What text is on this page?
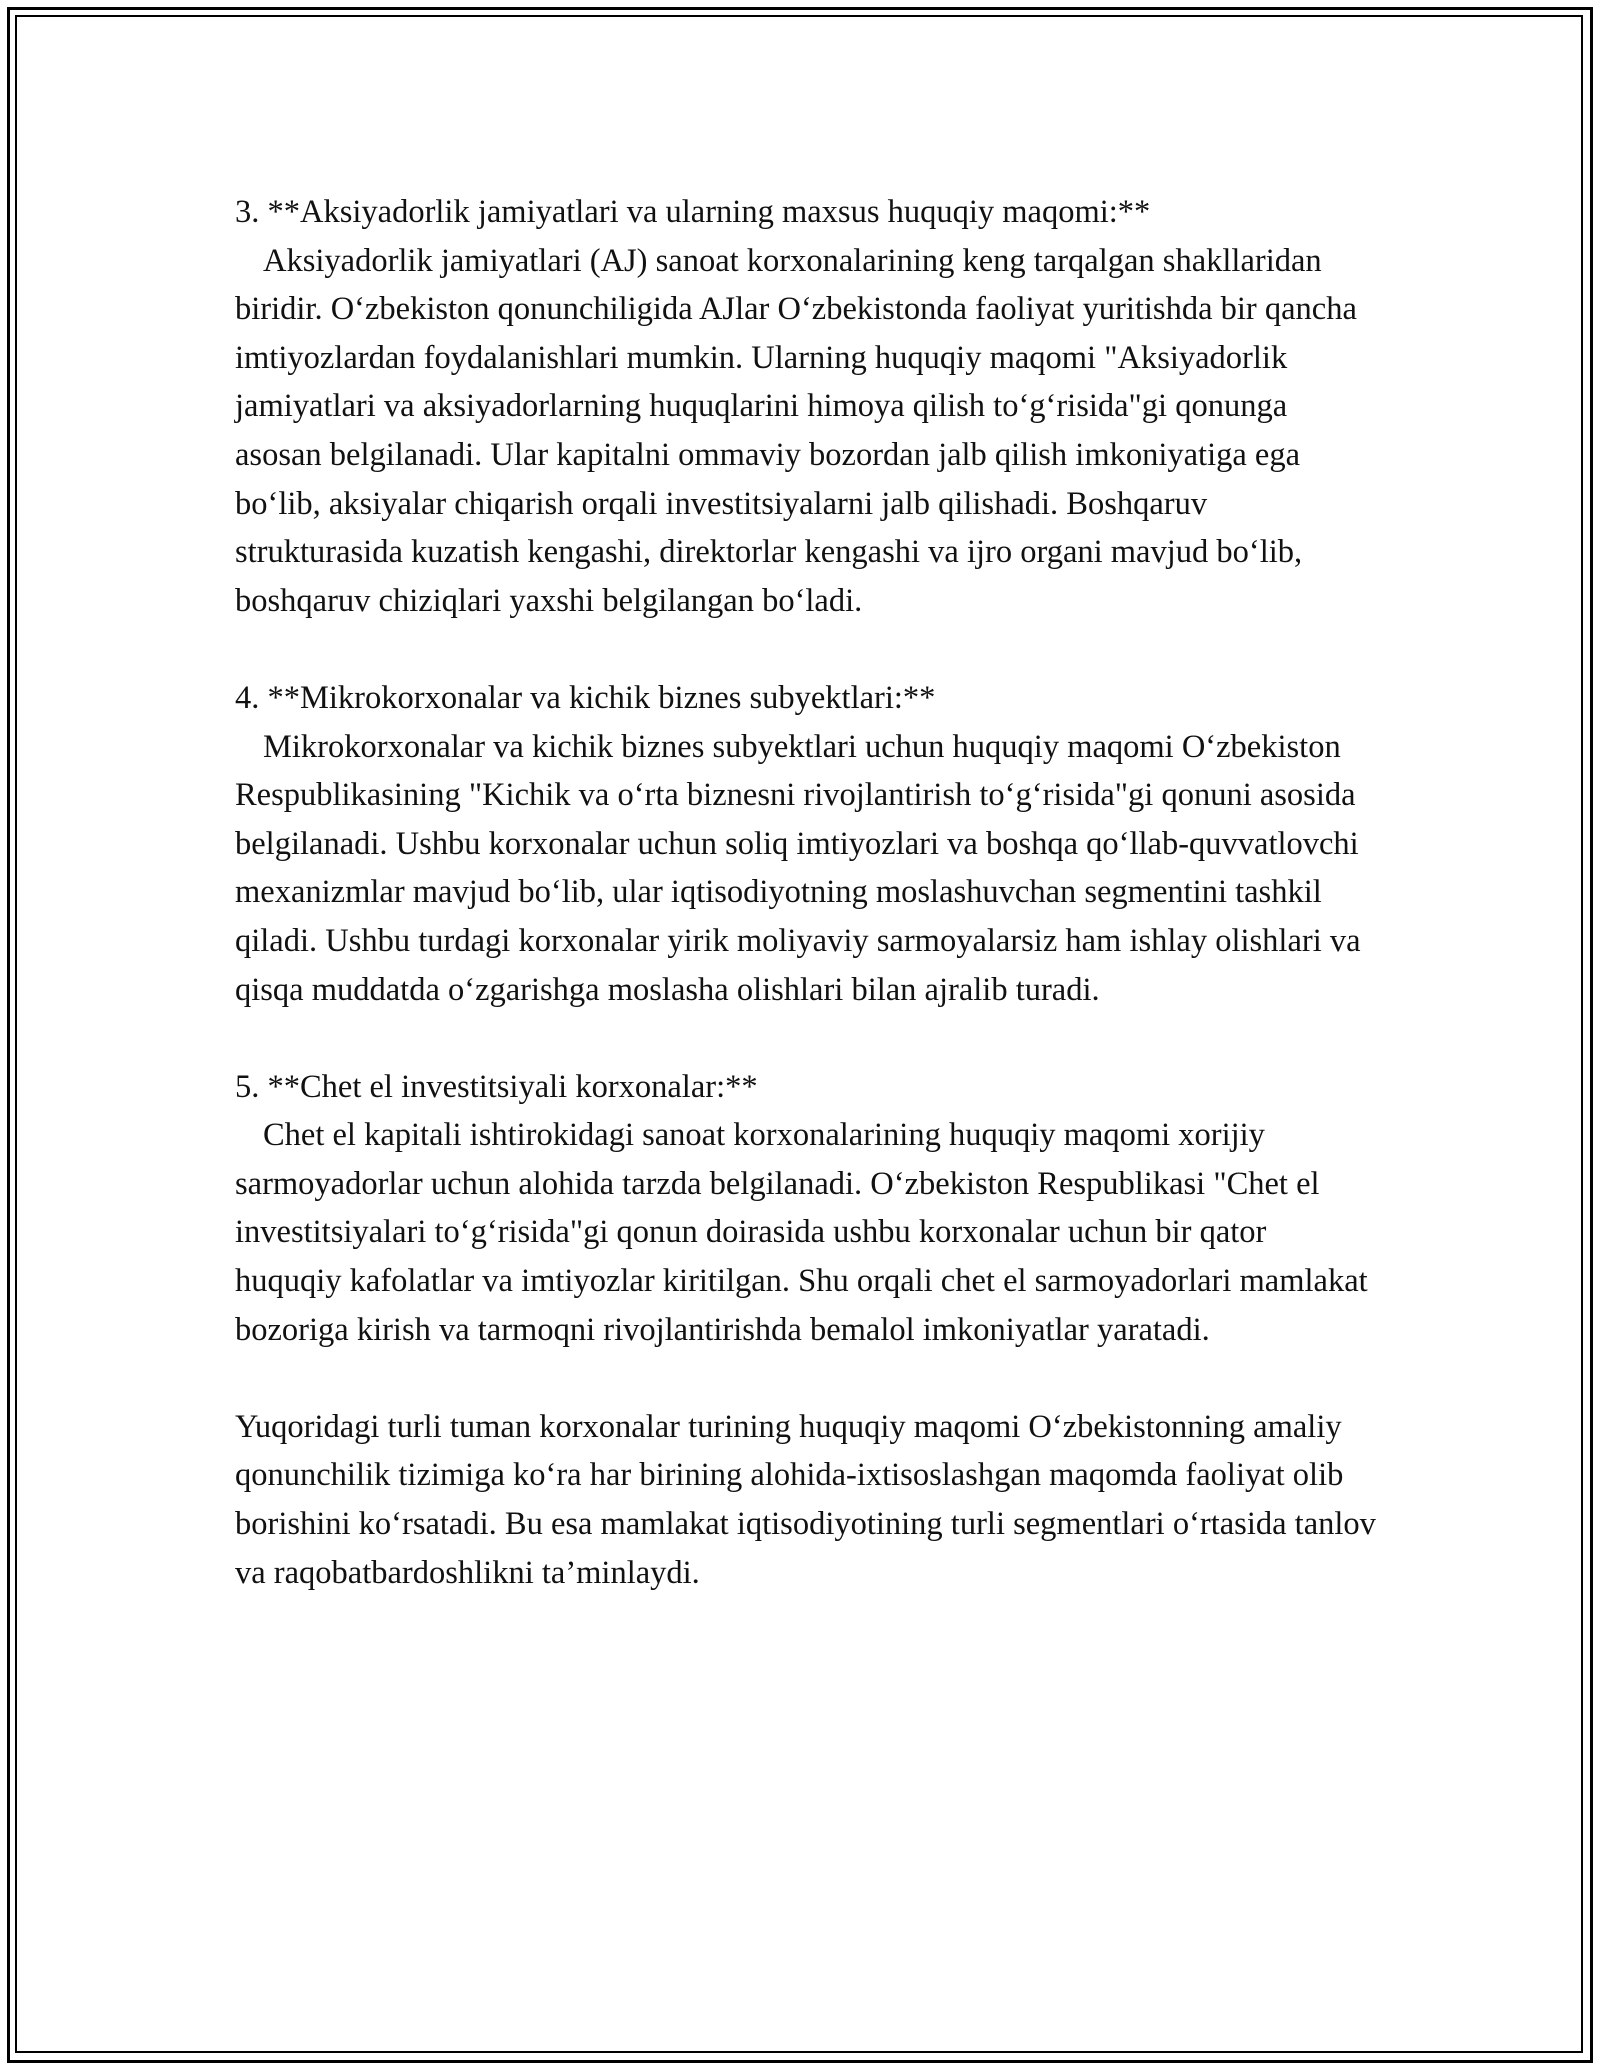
3. **Aksiyadorlik jamiyatlari va ularning maxsus huquqiy maqomi:**

Aksiyadorlik jamiyatlari (AJ) sanoat korxonalarining keng tarqalgan shakllaridan biridir. O‘zbekiston qonunchiligida AJlar O‘zbekistonda faoliyat yuritishda bir qancha imtiyozlardan foydalanishlari mumkin. Ularning huquqiy maqomi "Aksiyadorlik jamiyatlari va aksiyadorlarning huquqlarini himoya qilish to‘g‘risida"gi qonunga asosan belgilanadi. Ular kapitalni ommaviy bozordan jalb qilish imkoniyatiga ega bo‘lib, aksiyalar chiqarish orqali investitsiyalarni jalb qilishadi. Boshqaruv strukturasida kuzatish kengashi, direktorlar kengashi va ijro organi mavjud bo‘lib, boshqaruv chiziqlari yaxshi belgilangan bo‘ladi.

4. **Mikrokorxonalar va kichik biznes subyektlari:**

Mikrokorxonalar va kichik biznes subyektlari uchun huquqiy maqomi O‘zbekiston Respublikasining "Kichik va o‘rta biznesni rivojlantirish to‘g‘risida"gi qonuni asosida belgilanadi. Ushbu korxonalar uchun soliq imtiyozlari va boshqa qo‘llab-quvvatlovchi mexanizmlar mavjud bo‘lib, ular iqtisodiyotning moslashuvchan segmentini tashkil qiladi. Ushbu turdagi korxonalar yirik moliyaviy sarmoyalarsiz ham ishlay olishlari va qisqa muddatda o‘zgarishga moslasha olishlari bilan ajralib turadi.

5. **Chet el investitsiyali korxonalar:**

Chet el kapitali ishtirokidagi sanoat korxonalarining huquqiy maqomi xorijiy sarmoyadorlar uchun alohida tarzda belgilanadi. O‘zbekiston Respublikasi "Chet el investitsiyalari to‘g‘risida"gi qonun doirasida ushbu korxonalar uchun bir qator huquqiy kafolatlar va imtiyozlar kiritilgan. Shu orqali chet el sarmoyadorlari mamlakat bozoriga kirish va tarmoqni rivojlantirishda bemalol imkoniyatlar yaratadi.

Yuqoridagi turli tuman korxonalar turining huquqiy maqomi O‘zbekistonning amaliy qonunchilik tizimiga ko‘ra har birining alohida-ixtisoslashgan maqomda faoliyat olib borishini ko‘rsatadi. Bu esa mamlakat iqtisodiyotining turli segmentlari o‘rtasida tanlov va raqobatbardoshlikni ta’minlaydi.
